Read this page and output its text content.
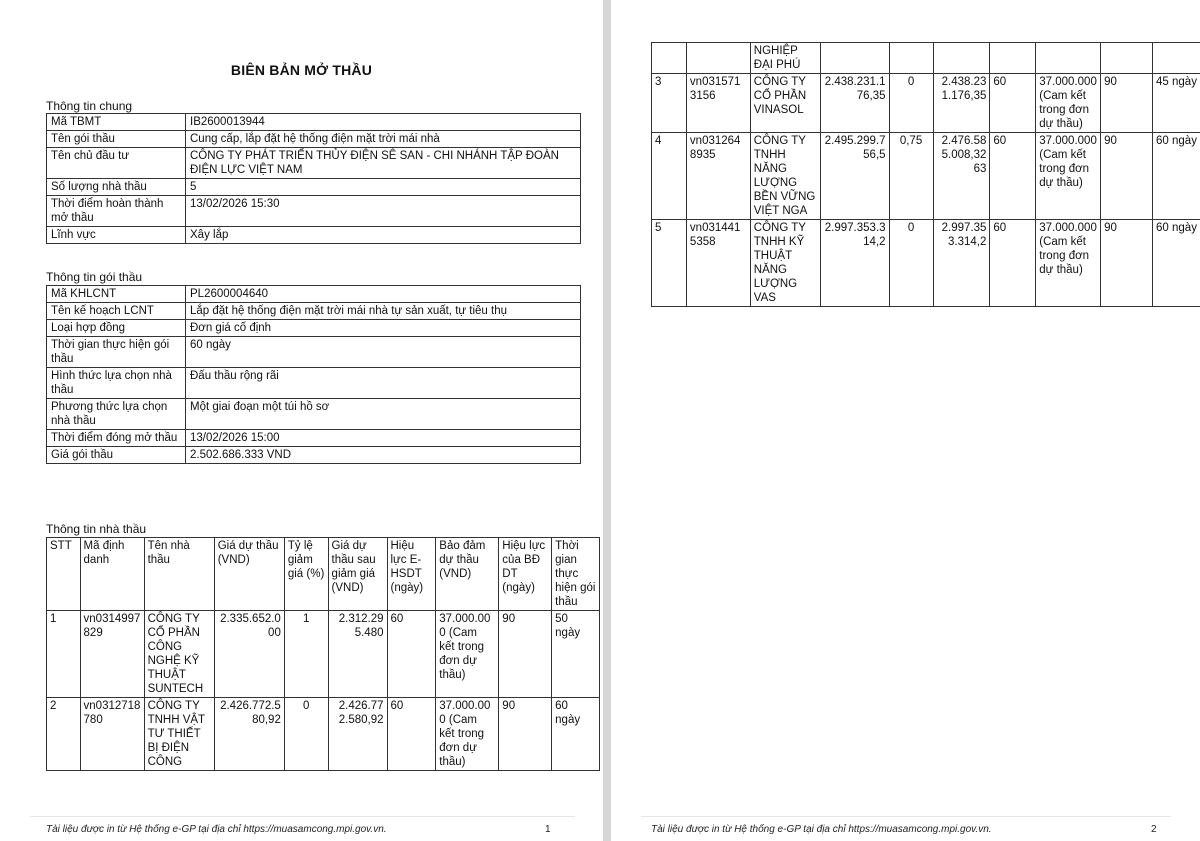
BIÊN BẢN MỞ THẦU
Thông tin chung
Mã TBMT	IB2600013944
Tên gói thầu	Cung cấp, lắp đặt hệ thống điện mặt trời mái nhà
Tên chủ đầu tư	CÔNG TY PHÁT TRIỂN THỦY ĐIỆN SÊ SAN - CHI NHÁNH TẬP ĐOÀN ĐIỆN LỰC VIỆT NAM
Số lượng nhà thầu	5
Thời điểm hoàn thành mở thầu	13/02/2026 15:30
Lĩnh vực	Xây lắp
Thông tin gói thầu
Mã KHLCNT	PL2600004640
Tên kế hoạch LCNT	Lắp đặt hệ thống điện mặt trời mái nhà tự sản xuất, tự tiêu thụ
Loại hợp đồng	Đơn giá cố định
Thời gian thực hiện gói thầu	60 ngày
Hình thức lựa chọn nhà thầu	Đấu thầu rộng rãi
Phương thức lựa chọn nhà thầu	Một giai đoạn một túi hồ sơ
Thời điểm đóng mở thầu	13/02/2026 15:00
Giá gói thầu	2.502.686.333 VND
Thông tin nhà thầu
STT	Mã định danh	Tên nhà thầu	Giá dự thầu (VND)	Tỷ lệ giảm giá (%)	Giá dự thầu sau giảm giá (VND)	Hiệu lực E-HSDT (ngày)	Bảo đảm dự thầu (VND)	Hiệu lực của BĐ DT (ngày)	Thời gian thực hiện gói thầu
1	vn0314997829	CÔNG TY CỔ PHẦN CÔNG NGHỆ KỸ THUẬT SUNTECH	2.335.652.000	1	2.312.295.480	60	37.000.000 (Cam kết trong đơn dự thầu)	90	50 ngày
2	vn0312718780	CÔNG TY TNHH VẬT TƯ THIẾT BỊ ĐIỆN CÔNG	2.426.772.580,92	0	2.426.772.580,92	60	37.000.000 (Cam kết trong đơn dự thầu)	90	60 ngày
Tài liệu được in từ Hệ thống e-GP tại địa chỉ https://muasamcong.mpi.gov.vn.	1
		NGHIỆP ĐẠI PHÚ							
3	vn0315713156	CÔNG TY CỔ PHẦN VINASOL	2.438.231.176,35	0	2.438.231.176,35	60	37.000.000 (Cam kết trong đơn dự thầu)	90	45 ngày
4	vn0312648935	CÔNG TY TNHH NĂNG LƯỢNG BỀN VỮNG VIỆT NGA	2.495.299.756,5	0,75	2.476.585.008,3263	60	37.000.000 (Cam kết trong đơn dự thầu)	90	60 ngày
5	vn0314415358	CÔNG TY TNHH KỸ THUẬT NĂNG LƯỢNG VAS	2.997.353.314,2	0	2.997.353.314,2	60	37.000.000 (Cam kết trong đơn dự thầu)	90	60 ngày
Tài liệu được in từ Hệ thống e-GP tại địa chỉ https://muasamcong.mpi.gov.vn.	2
